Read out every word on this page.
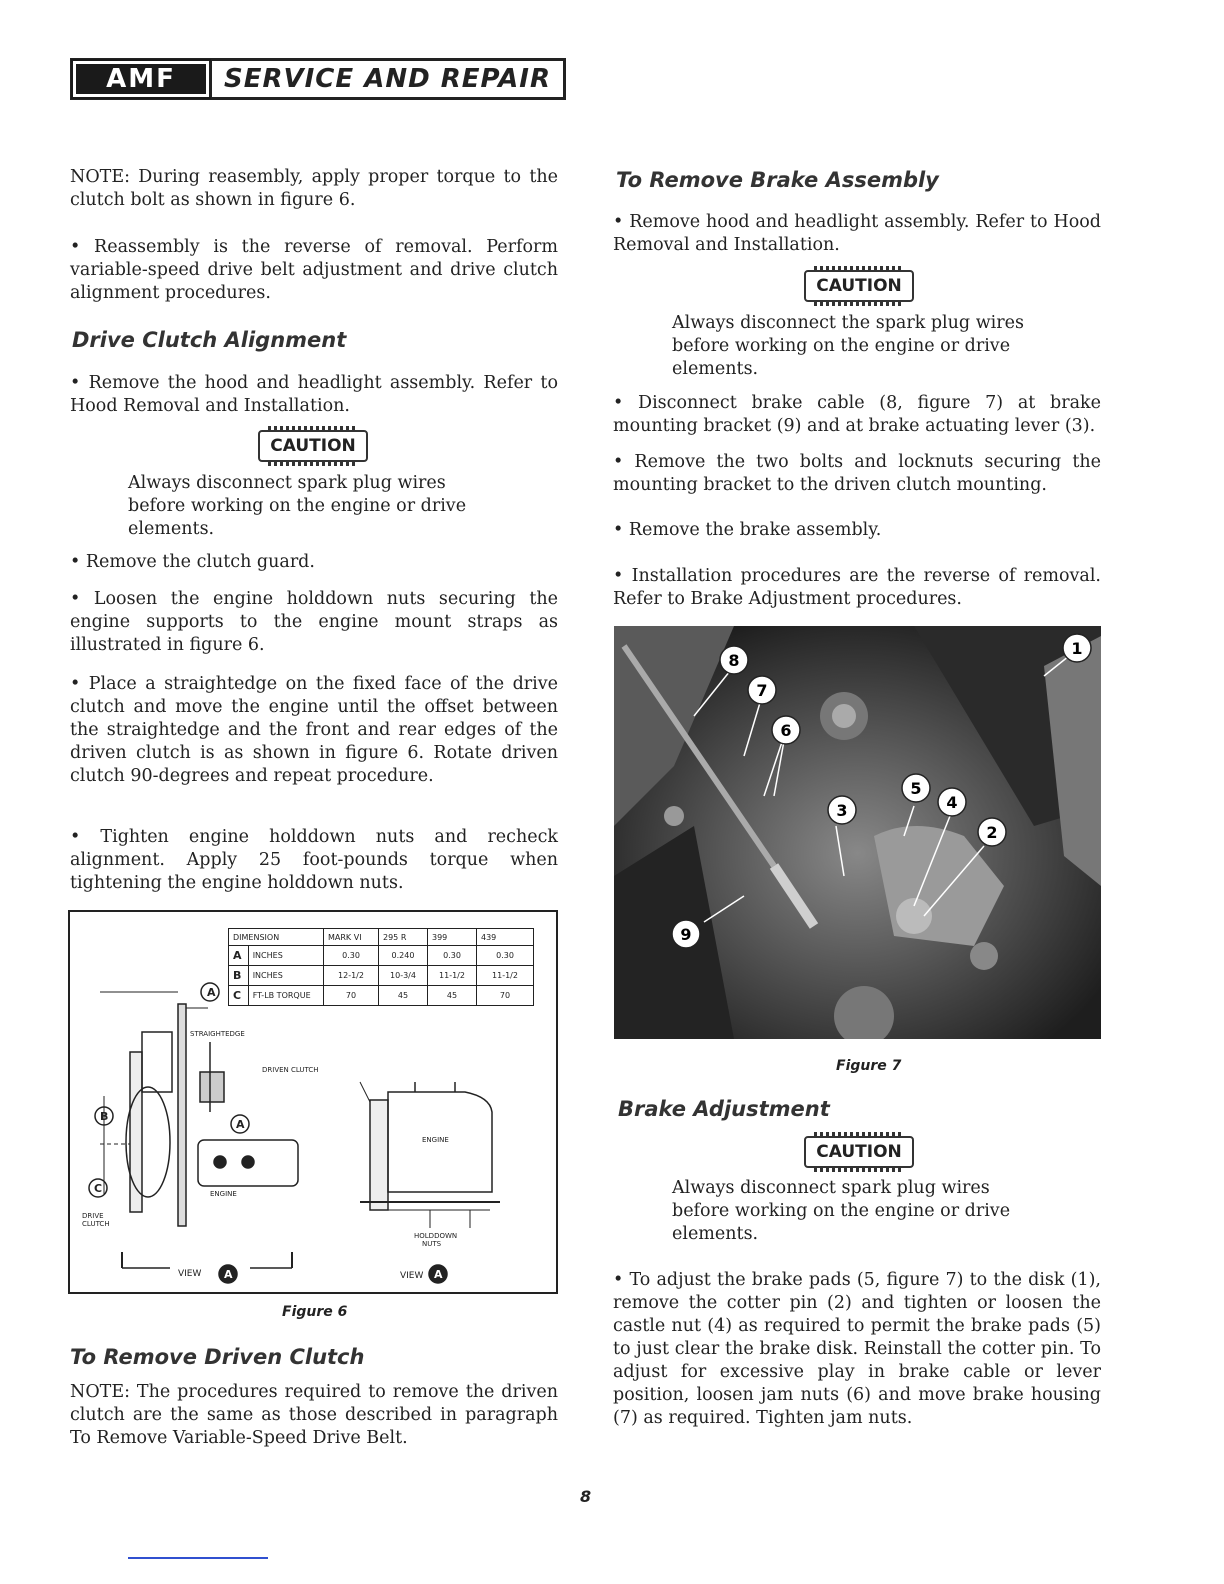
AMF	SERVICE AND REPAIR

NOTE: During reasembly, apply proper torque to the clutch bolt as shown in figure 6.

• Reassembly is the reverse of removal. Perform variable-speed drive belt adjustment and drive clutch alignment procedures.

Drive Clutch Alignment

• Remove the hood and headlight assembly. Refer to Hood Removal and Installation.

CAUTION
Always disconnect spark plug wires before working on the engine or drive elements.

• Remove the clutch guard.

• Loosen the engine holddown nuts securing the engine supports to the engine mount straps as illustrated in figure 6.

• Place a straightedge on the fixed face of the drive clutch and move the engine until the offset between the straightedge and the front and rear edges of the driven clutch is as shown in figure 6. Rotate driven clutch 90-degrees and repeat procedure.

• Tighten engine holddown nuts and recheck alignment. Apply 25 foot-pounds torque when tightening the engine holddown nuts.

DIMENSION		MARK VI	295 R	399	439
A	INCHES	0.30	0.240	0.30	0.30
B	INCHES	12-1/2	10-3/4	11-1/2	11-1/2
C	FT-LB TORQUE	70	45	45	70
A
A
B
C
A	A
STRAIGHTEDGE
DRIVEN CLUTCH
ENGINE
ENGINE
DRIVE
CLUTCH
HOLDDOWN
NUTS
VIEW	VIEW
Figure 6
To Remove Driven Clutch

NOTE: The procedures required to remove the driven clutch are the same as those described in paragraph To Remove Variable-Speed Drive Belt.

To Remove Brake Assembly

• Remove hood and headlight assembly. Refer to Hood Removal and Installation.

CAUTION
Always disconnect the spark plug wires before working on the engine or drive elements.

• Disconnect brake cable (8, figure 7) at brake mounting bracket (9) and at brake actuating lever (3).

• Remove the two bolts and locknuts securing the mounting bracket to the driven clutch mounting.

• Remove the brake assembly.

• Installation procedures are the reverse of removal. Refer to Brake Adjustment procedures.

8
7
6
1
5
4
3
2
9
Figure 7
Brake Adjustment
CAUTION
Always disconnect spark plug wires before working on the engine or drive elements.

• To adjust the brake pads (5, figure 7) to the disk (1), remove the cotter pin (2) and tighten or loosen the castle nut (4) as required to permit the brake pads (5) to just clear the brake disk. Reinstall the cotter pin. To adjust for excessive play in brake cable or lever position, loosen jam nuts (6) and move brake housing (7) as required. Tighten jam nuts.

8
